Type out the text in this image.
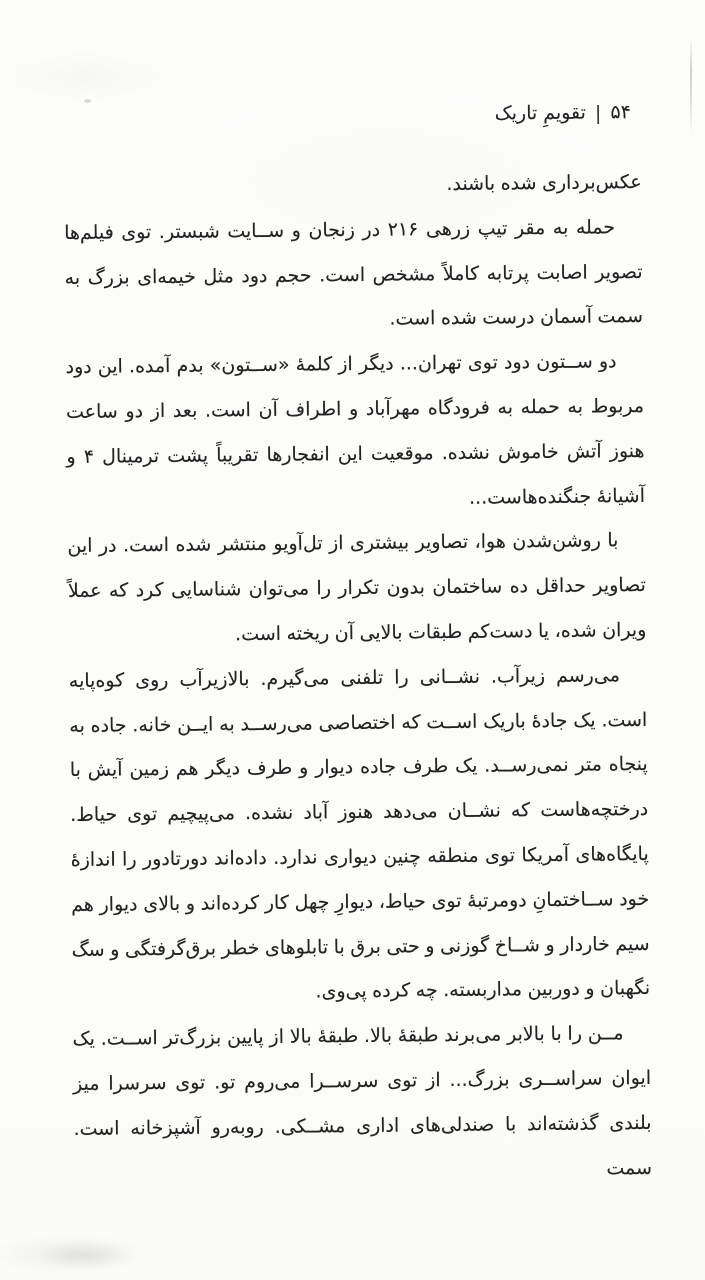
۵۴|تقویمِ تاریک

عکس‌برداری شده باشند.

حمله به مقر تیپ زرهی ۲۱۶ در زنجان و ســایت شبستر. توی فیلم‌ها تصویر اصابت پرتابه کاملاً مشخص است. حجم دود مثل خیمه‌ای بزرگ به سمت آسمان درست شده است.

دو ســتون دود توی تهران... دیگر از کلمهٔ «ســتون» بدم آمده. این دود مربوط به حمله به فرودگاه مهرآباد و اطراف آن است. بعد از دو ساعت هنوز آتش خاموش نشده. موقعیت این انفجارها تقریباً پشت ترمینال ۴ و آشیانهٔ جنگنده‌هاست...

با روشن‌شدن هوا، تصاویر بیشتری از تل‌آویو منتشر شده است. در این تصاویر حداقل ده ساختمان بدون تکرار را می‌توان شناسایی کرد که عملاً ویران شده، یا دست‌کم طبقات بالایی آن ریخته است.

می‌رسم زیرآب. نشــانی را تلفنی می‌گیرم. بالازیرآب روی کوه‌پایه است. یک جادهٔ باریک اســت که اختصاصی می‌رســد به ایــن خانه. جاده به پنجاه متر نمی‌رســد. یک طرف جاده دیوار و طرف دیگر هم زمین آیش با درختچه‌هاست که نشــان می‌دهد هنوز آباد نشده. می‌پیچیم توی حیاط. پایگاه‌های آمریکا توی منطقه چنین دیواری ندارد. داده‌اند دورتادور را اندازهٔ خود ســاختمانِ دومرتبهٔ توی حیاط، دیوارِ چهل کار کرده‌اند و بالای دیوار هم سیم خاردار و شــاخ گوزنی و حتی برق با تابلوهای خطر برق‌گرفتگی و سگ نگهبان و دوربین مداربسته. چه کرده پی‌وی.

مــن را با بالابر می‌برند طبقهٔ بالا. طبقهٔ بالا از پایین بزرگ‌تر اســت. یک ایوان سراســری بزرگ... از توی سرســرا می‌روم تو. توی سرسرا میز بلندی گذشته‌اند با صندلی‌های اداری مشــکی. روبه‌رو آشپزخانه است. سمت
